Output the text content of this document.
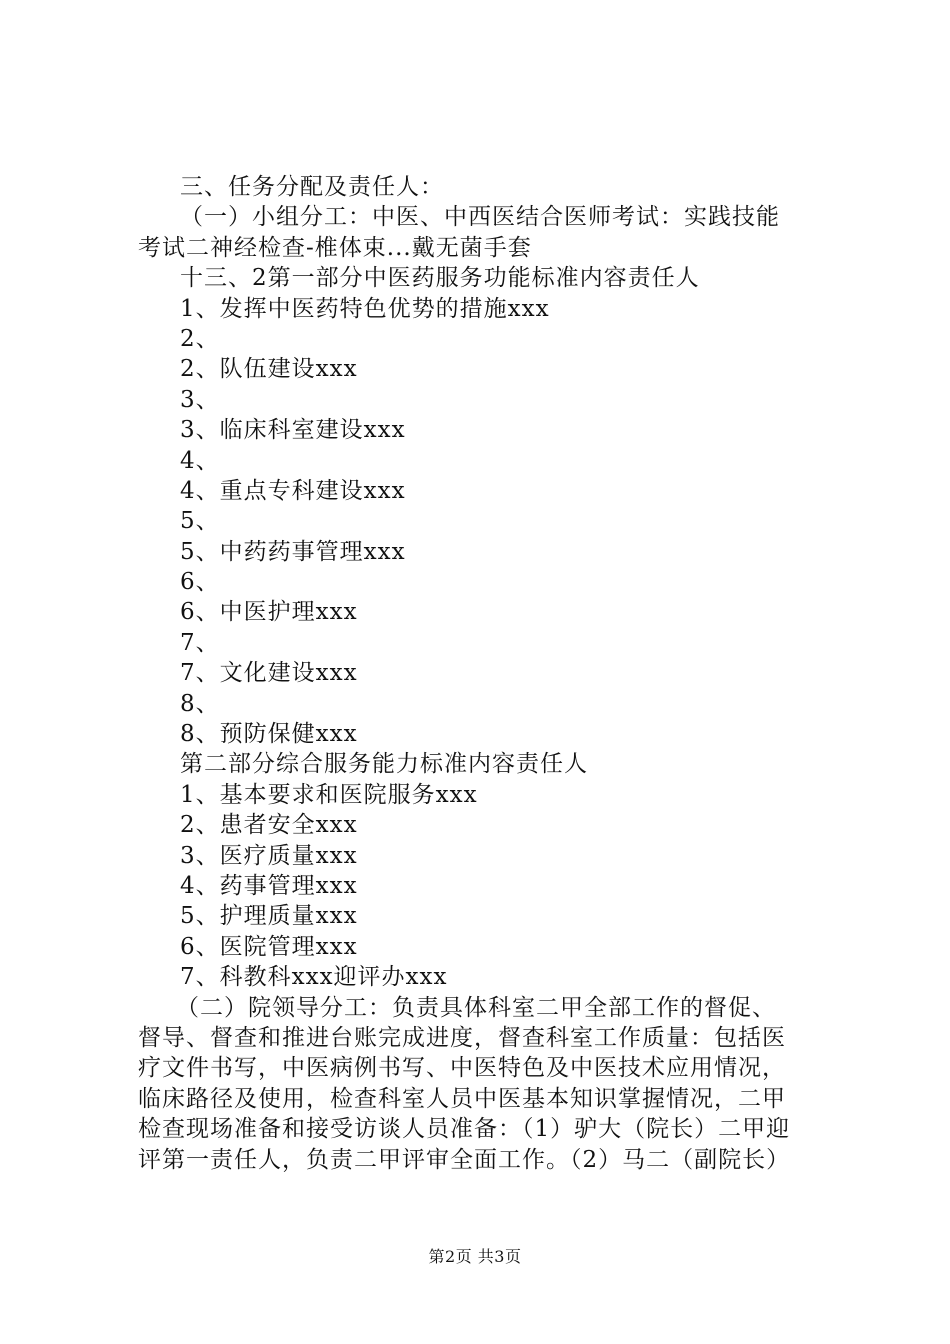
三、任务分配及责任人：
（一）小组分工：中医、中西医结合医师考试：实践技能
考试二神经检查-椎体束...戴无菌手套
十三、2第一部分中医药服务功能标准内容责任人
1、发挥中医药特色优势的措施xxx
2、
2、队伍建设xxx
3、
3、临床科室建设xxx
4、
4、重点专科建设xxx
5、
5、中药药事管理xxx
6、
6、中医护理xxx
7、
7、文化建设xxx
8、
8、预防保健xxx
第二部分综合服务能力标准内容责任人
1、基本要求和医院服务xxx
2、患者安全xxx
3、医疗质量xxx
4、药事管理xxx
5、护理质量xxx
6、医院管理xxx
7、科教科xxx迎评办xxx
（二）院领导分工：负责具体科室二甲全部工作的督促、
督导、督查和推进台账完成进度，督查科室工作质量：包括医
疗文件书写，中医病例书写、中医特色及中医技术应用情况，
临床路径及使用，检查科室人员中医基本知识掌握情况，二甲
检查现场准备和接受访谈人员准备：（1）驴大（院长）二甲迎
评第一责任人，负责二甲评审全面工作。（2）马二（副院长）
第2页 共3页
